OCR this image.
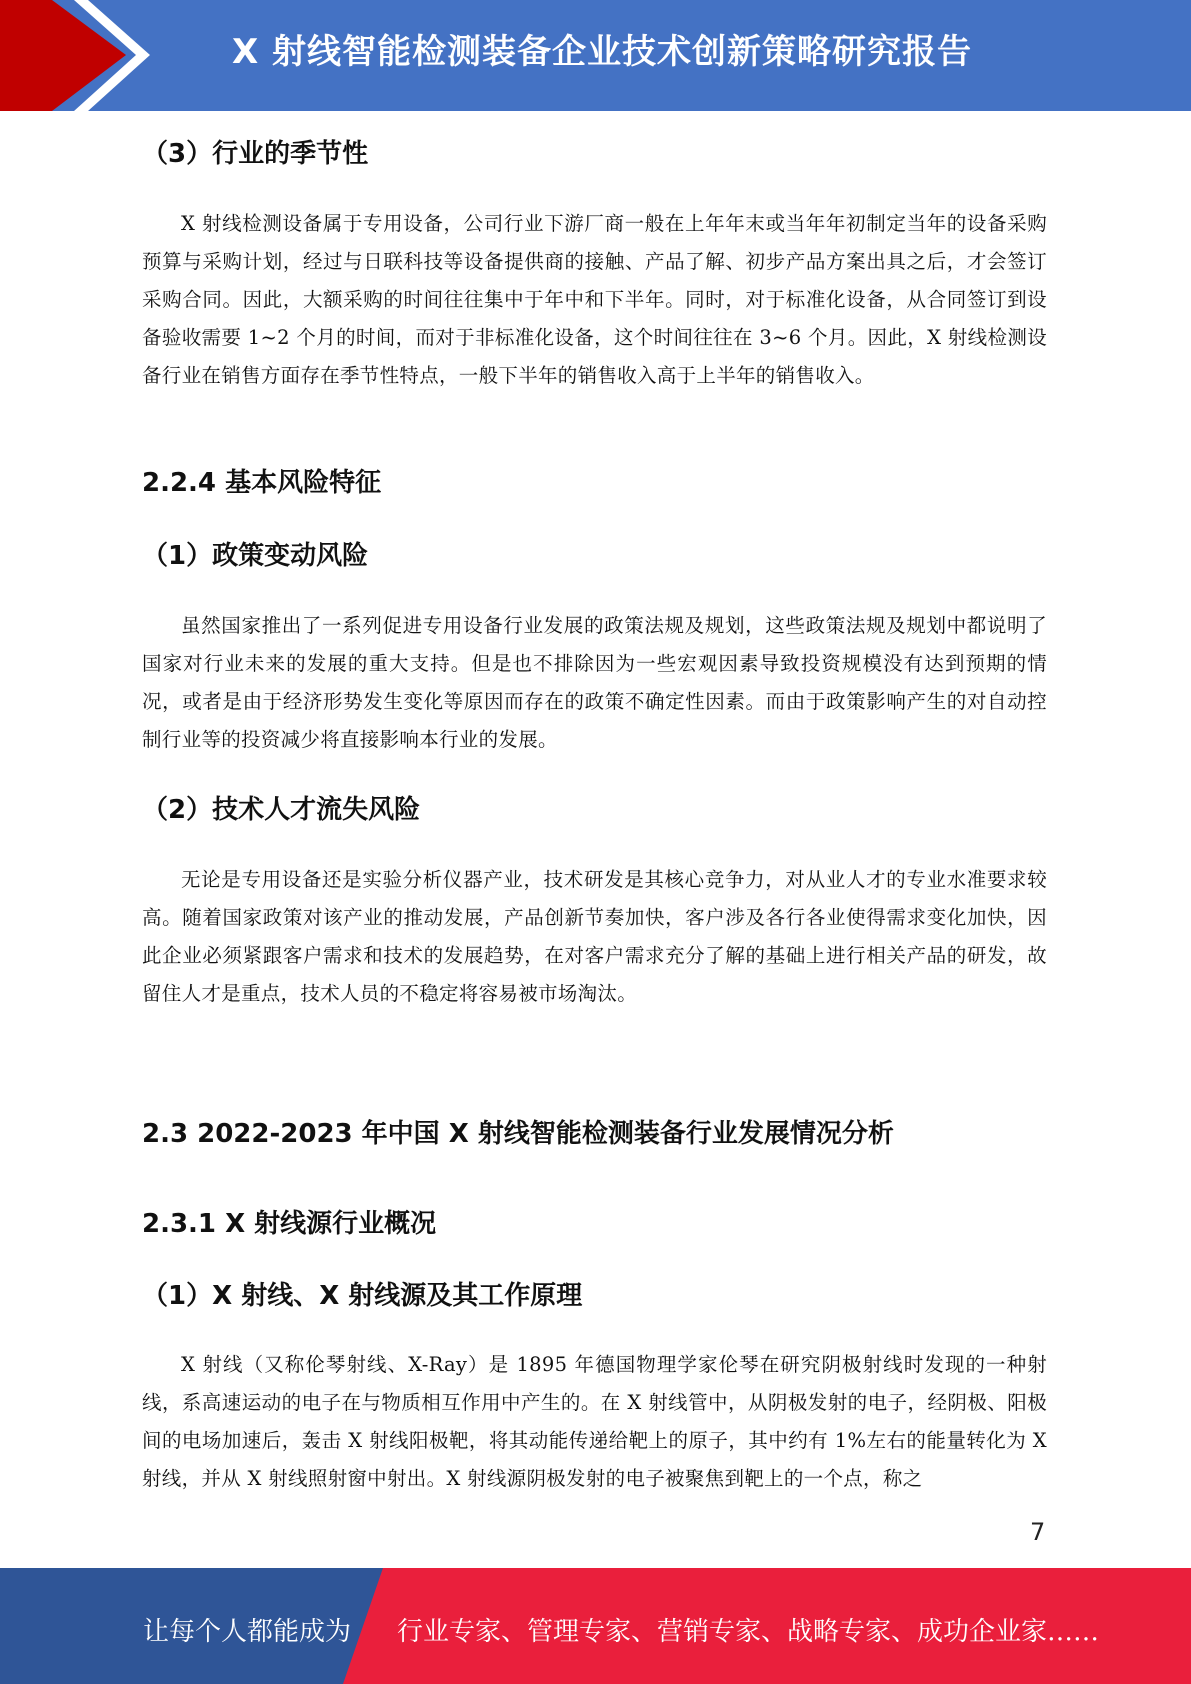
X 射线智能检测装备企业技术创新策略研究报告
（3）行业的季节性
X 射线检测设备属于专用设备，公司行业下游厂商一般在上年年末或当年年初制定当年的设备采购预算与采购计划，经过与日联科技等设备提供商的接触、产品了解、初步产品方案出具之后，才会签订采购合同。因此，大额采购的时间往往集中于年中和下半年。同时，对于标准化设备，从合同签订到设备验收需要 1~2 个月的时间，而对于非标准化设备，这个时间往往在 3~6 个月。因此，X 射线检测设备行业在销售方面存在季节性特点，一般下半年的销售收入高于上半年的销售收入。
2.2.4 基本风险特征
（1）政策变动风险
虽然国家推出了一系列促进专用设备行业发展的政策法规及规划，这些政策法规及规划中都说明了国家对行业未来的发展的重大支持。但是也不排除因为一些宏观因素导致投资规模没有达到预期的情况，或者是由于经济形势发生变化等原因而存在的政策不确定性因素。而由于政策影响产生的对自动控制行业等的投资减少将直接影响本行业的发展。
（2）技术人才流失风险
无论是专用设备还是实验分析仪器产业，技术研发是其核心竞争力，对从业人才的专业水准要求较高。随着国家政策对该产业的推动发展，产品创新节奏加快，客户涉及各行各业使得需求变化加快，因此企业必须紧跟客户需求和技术的发展趋势，在对客户需求充分了解的基础上进行相关产品的研发，故留住人才是重点，技术人员的不稳定将容易被市场淘汰。
2.3 2022-2023 年中国 X 射线智能检测装备行业发展情况分析
2.3.1 X 射线源行业概况
（1）X 射线、X 射线源及其工作原理
X 射线（又称伦琴射线、X-Ray）是 1895 年德国物理学家伦琴在研究阴极射线时发现的一种射线，系高速运动的电子在与物质相互作用中产生的。在 X 射线管中，从阴极发射的电子，经阴极、阳极间的电场加速后，轰击 X 射线阳极靶，将其动能传递给靶上的原子，其中约有 1%左右的能量转化为 X 射线，并从 X 射线照射窗中射出。X 射线源阴极发射的电子被聚焦到靶上的一个点，称之
7
让每个人都能成为 行业专家、管理专家、营销专家、战略专家、成功企业家……
